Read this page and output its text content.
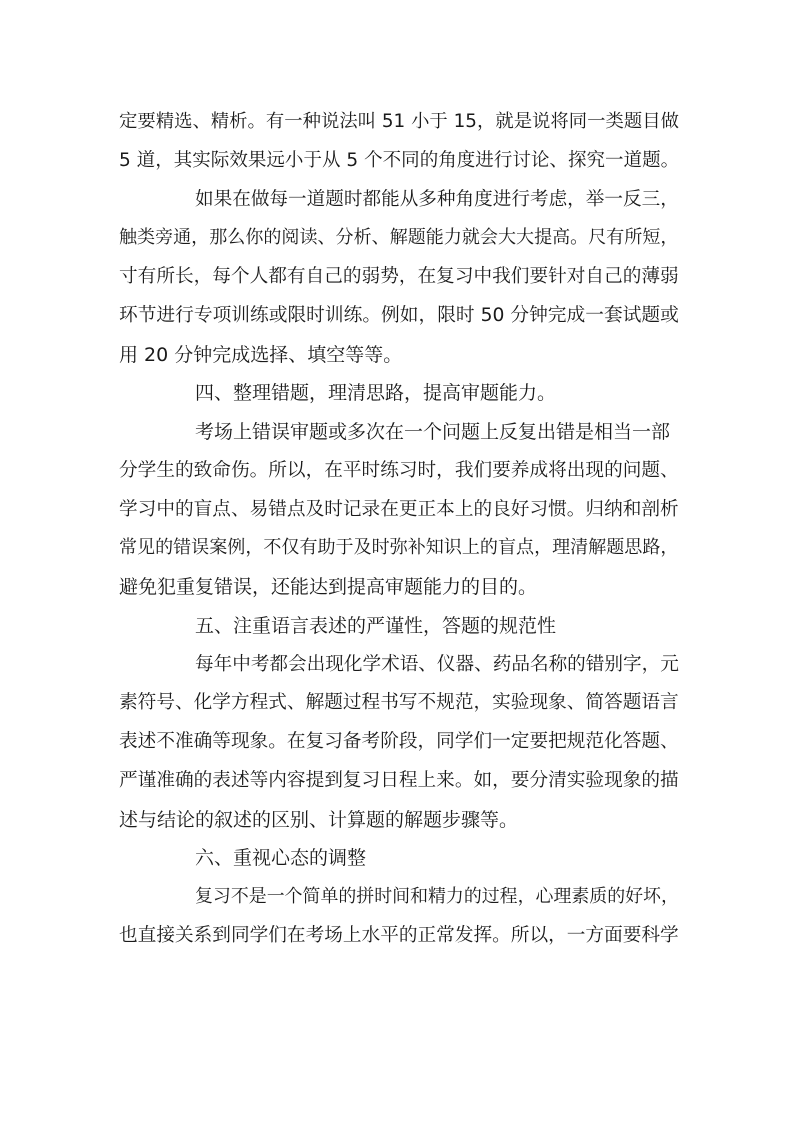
定要精选、精析。有一种说法叫 51 小于 15，就是说将同一类题目做
5 道，其实际效果远小于从 5 个不同的角度进行讨论、探究一道题。
如果在做每一道题时都能从多种角度进行考虑，举一反三，
触类旁通，那么你的阅读、分析、解题能力就会大大提高。尺有所短，
寸有所长，每个人都有自己的弱势，在复习中我们要针对自己的薄弱
环节进行专项训练或限时训练。例如，限时 50 分钟完成一套试题或
用 20 分钟完成选择、填空等等。
四、整理错题，理清思路，提高审题能力。
考场上错误审题或多次在一个问题上反复出错是相当一部
分学生的致命伤。所以，在平时练习时，我们要养成将出现的问题、
学习中的盲点、易错点及时记录在更正本上的良好习惯。归纳和剖析
常见的错误案例，不仅有助于及时弥补知识上的盲点，理清解题思路，
避免犯重复错误，还能达到提高审题能力的目的。
五、注重语言表述的严谨性，答题的规范性
每年中考都会出现化学术语、仪器、药品名称的错别字，元
素符号、化学方程式、解题过程书写不规范，实验现象、简答题语言
表述不准确等现象。在复习备考阶段，同学们一定要把规范化答题、
严谨准确的表述等内容提到复习日程上来。如，要分清实验现象的描
述与结论的叙述的区别、计算题的解题步骤等。
六、重视心态的调整
复习不是一个简单的拼时间和精力的过程，心理素质的好坏，
也直接关系到同学们在考场上水平的正常发挥。所以，一方面要科学
